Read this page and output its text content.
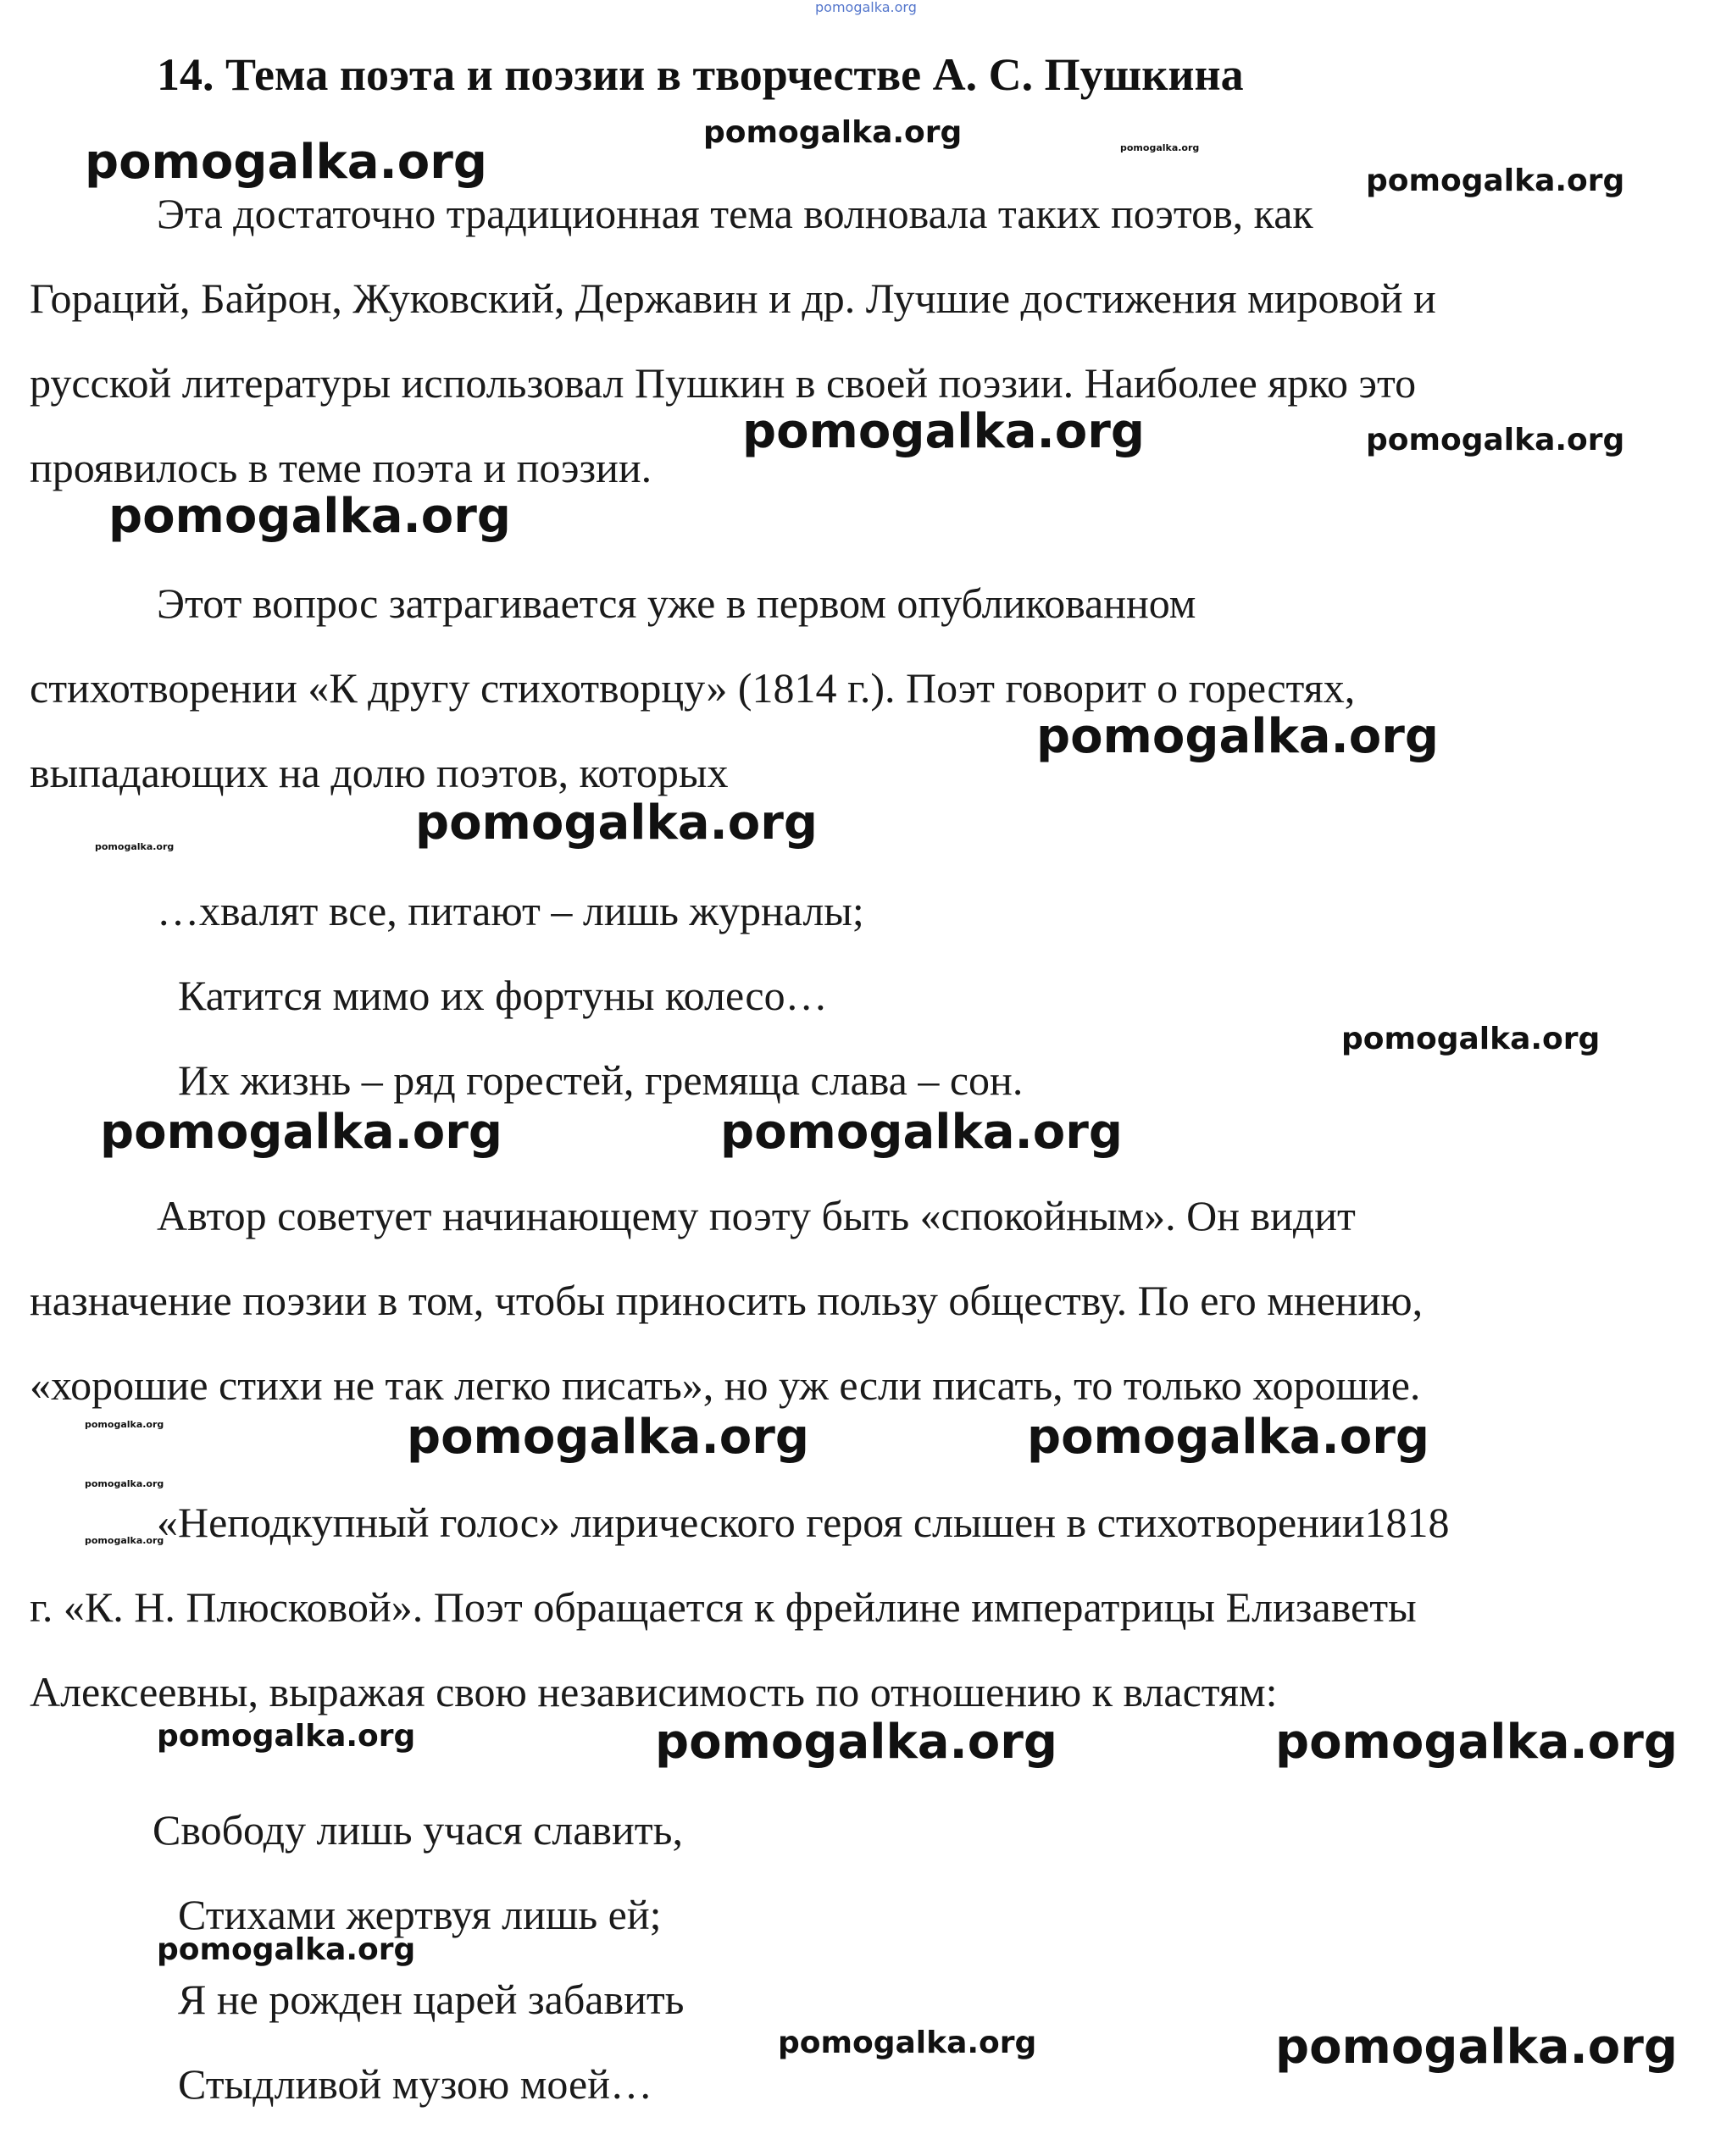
pomogalka.org
14. Тема поэта и поэзии в творчестве А. С. Пушкина

Эта достаточно традиционная тема волновала таких поэтов, как

Гораций, Байрон, Жуковский, Державин и др. Лучшие достижения мировой и

русской литературы использовал Пушкин в своей поэзии. Наиболее ярко это

проявилось в теме поэта и поэзии.

Этот вопрос затрагивается уже в первом опубликованном

стихотворении «К другу стихотворцу» (1814 г.). Поэт говорит о горестях,

выпадающих на долю поэтов, которых

…хвалят все, питают – лишь журналы;

Катится мимо их фортуны колесо…

Их жизнь – ряд горестей, гремяща слава – сон.

Автор советует начинающему поэту быть «спокойным». Он видит

назначение поэзии в том, чтобы приносить пользу обществу. По его мнению,

«хорошие стихи не так легко писать», но уж если писать, то только хорошие.

«Неподкупный голос» лирического героя слышен в стихотворении1818

г. «К. Н. Плюсковой». Поэт обращается к фрейлине императрицы Елизаветы

Алексеевны, выражая свою независимость по отношению к властям:

Свободу лишь учася славить,

Стихами жертвуя лишь ей;

Я не рожден царей забавить

Стыдливой музою моей…

pomogalka.org
pomogalka.org	pomogalka.org
pomogalka.org
pomogalka.org	pomogalka.org
pomogalka.org
pomogalka.org
pomogalka.org
pomogalka.org
pomogalka.org
pomogalka.org	pomogalka.org
pomogalka.org	pomogalka.org	pomogalka.org
pomogalka.org
pomogalka.org
pomogalka.org	pomogalka.org	pomogalka.org
pomogalka.org
pomogalka.org	pomogalka.org
